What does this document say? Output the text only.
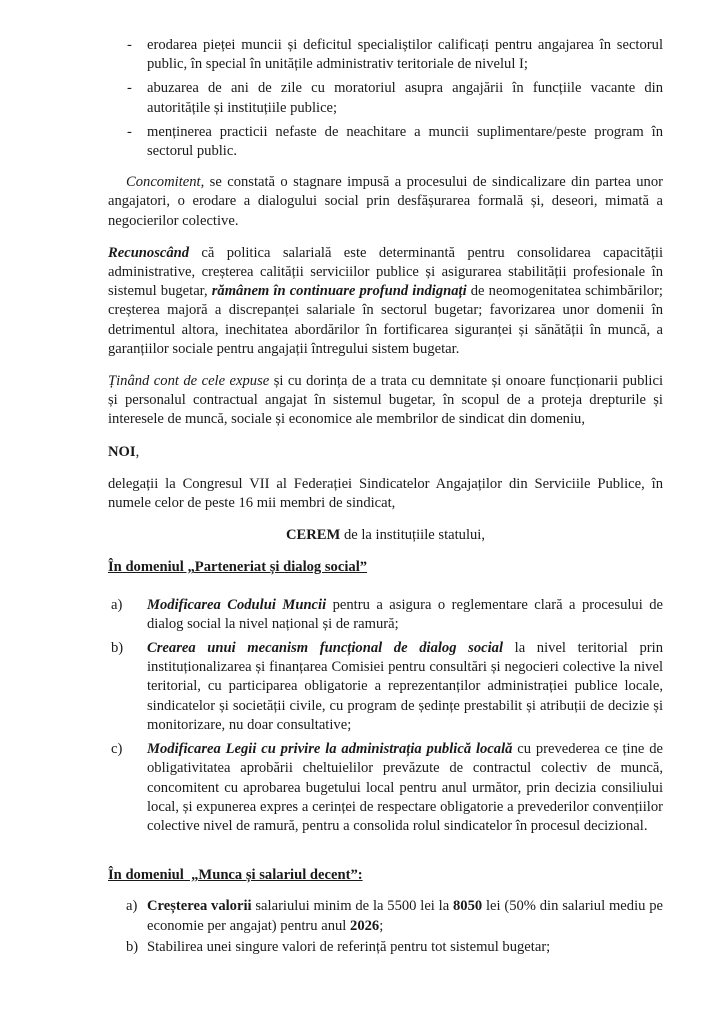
- erodarea pieței muncii și deficitul specialiștilor calificați pentru angajarea în sectorul public, în special în unitățile administrativ teritoriale de nivelul I;
- abuzarea de ani de zile cu moratoriul asupra angajării în funcțiile vacante din autoritățile și instituțiile publice;
- menținerea practicii nefaste de neachitare a muncii suplimentare/peste program în sectorul public.

Concomitent, se constată o stagnare impusă a procesului de sindicalizare din partea unor angajatori, o erodare a dialogului social prin desfășurarea formală și, deseori, mimată a negocierilor colective.

Recunoscând că politica salarială este determinantă pentru consolidarea capacității administrative, creșterea calității serviciilor publice și asigurarea stabilității profesionale în sistemul bugetar, rămânem în continuare profund indignați de neomogenitatea schimbărilor; creșterea majoră a discrepanței salariale în sectorul bugetar; favorizarea unor domenii în detrimentul altora, inechitatea abordărilor în fortificarea siguranței și sănătății în muncă, a garanțiilor sociale pentru angajații întregului sistem bugetar.

Ținând cont de cele expuse și cu dorința de a trata cu demnitate și onoare funcționarii publici și personalul contractual angajat în sistemul bugetar, în scopul de a proteja drepturile și interesele de muncă, sociale și economice ale membrilor de sindicat din domeniu,

NOI,

delegații la Congresul VII al Federației Sindicatelor Angajaților din Serviciile Publice, în numele celor de peste 16 mii membri de sindicat,

CEREM de la instituțiile statului,

În domeniul „Parteneriat și dialog social”

a) Modificarea Codului Muncii pentru a asigura o reglementare clară a procesului de dialog social la nivel național și de ramură;
b) Crearea unui mecanism funcțional de dialog social la nivel teritorial prin instituționalizarea și finanțarea Comisiei pentru consultări și negocieri colective la nivel teritorial, cu participarea obligatorie a reprezentanților administrației publice locale, sindicatelor și societății civile, cu program de ședințe prestabilit și atribuții de decizie și monitorizare, nu doar consultative;
c) Modificarea Legii cu privire la administrația publică locală cu prevederea ce ține de obligativitatea aprobării cheltuielilor prevăzute de contractul colectiv de muncă, concomitent cu aprobarea bugetului local pentru anul următor, prin decizia consiliului local, și expunerea expres a cerinței de respectare obligatorie a prevederilor convențiilor colective nivel de ramură, pentru a consolida rolul sindicatelor în procesul decizional.

În domeniul  „Munca și salariul decent”:

a) Creșterea valorii salariului minim de la 5500 lei la 8050 lei (50% din salariul mediu pe economie per angajat) pentru anul 2026;
b) Stabilirea unei singure valori de referință pentru tot sistemul bugetar;
